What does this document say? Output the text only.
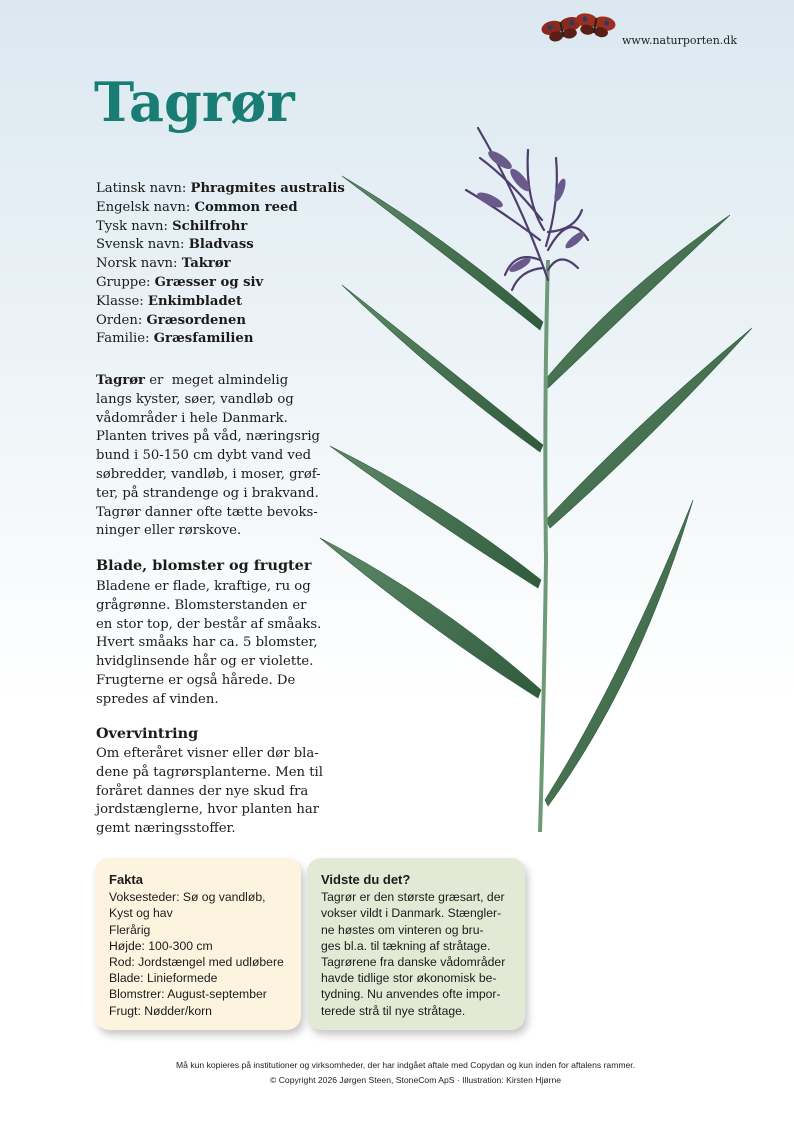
www.naturporten.dk
Tagrør
Latinsk navn: Phragmites australis
Engelsk navn: Common reed
Tysk navn: Schilfrohr
Svensk navn: Bladvass
Norsk navn: Takrør
Gruppe: Græsser og siv
Klasse: Enkimbladet
Orden: Græsordenen
Familie: Græsfamilien
Tagrør er  meget almindelig
langs kyster, søer, vandløb og
vådområder i hele Danmark.
Planten trives på våd, næringsrig
bund i 50-150 cm dybt vand ved
søbredder, vandløb, i moser, grøf-
ter, på strandenge og i brakvand.
Tagrør danner ofte tætte bevoks-
ninger eller rørskove.
Blade, blomster og frugter
Bladene er flade, kraftige, ru og
grågrønne. Blomsterstanden er
en stor top, der består af småaks.
Hvert småaks har ca. 5 blomster,
hvidglinsende hår og er violette.
Frugterne er også hårede. De
spredes af vinden.
Overvintring
Om efteråret visner eller dør bla-
dene på tagrørsplanterne. Men til
foråret dannes der nye skud fra
jordstænglerne, hvor planten har
gemt næringsstoffer.
Fakta
Voksesteder: Sø og vandløb,
Kyst og hav
Flerårig
Højde: 100-300 cm
Rod: Jordstængel med udløbere
Blade: Linieformede
Blomstrer: August-september
Frugt: Nødder/korn
Vidste du det?
Tagrør er den største græsart, der
vokser vildt i Danmark. Stængler-
ne høstes om vinteren og bru-
ges bl.a. til tækning af stråtage.
Tagrørene fra danske vådområder
havde tidlige stor økonomisk be-
tydning. Nu anvendes ofte impor-
terede strå til nye stråtage.
Må kun kopieres på institutioner og virksomheder, der har indgået aftale med Copydan og kun inden for aftalens rammer.
© Copyright 2026 Jørgen Steen, StoneCom ApS · Illustration: Kirsten Hjørne
